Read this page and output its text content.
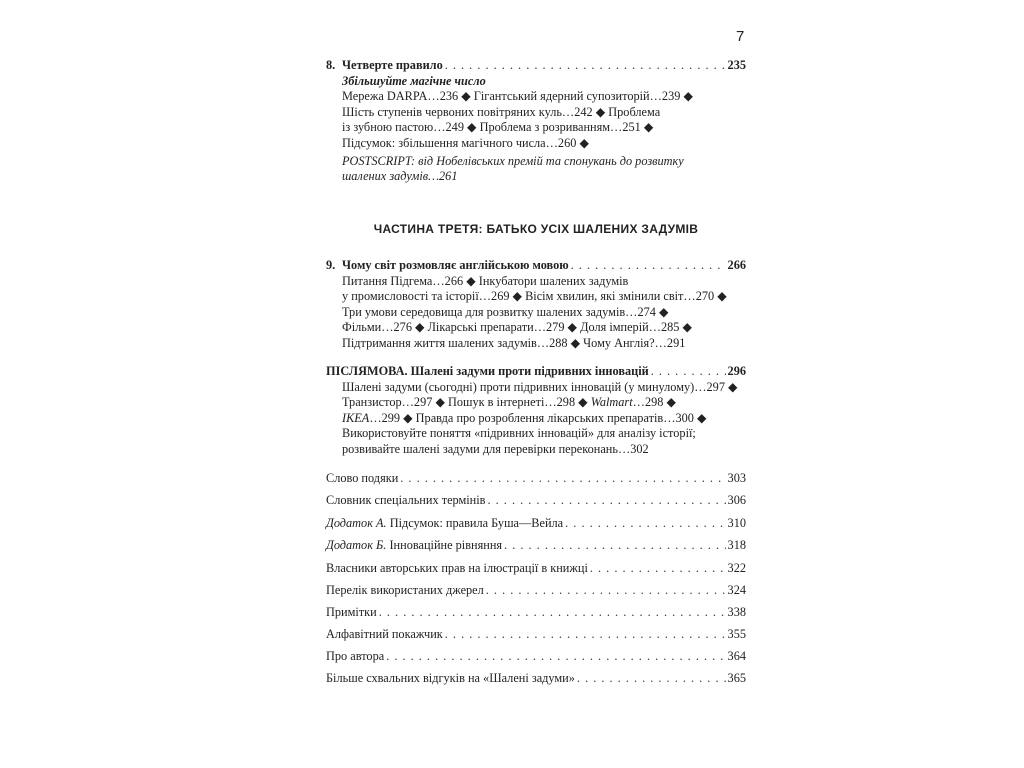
7
8. Четверте правило . . .	235
Збільшуйте магічне число
Мережа DARPA…236 ◆ Гігантський ядерний супозиторій…239 ◆
Шість ступенів червоних повітряних куль…242 ◆ Проблема
із зубною пастою…249 ◆ Проблема з розриванням…251 ◆
Підсумок: збільшення магічного числа…260 ◆
POSTSCRIPT: від Нобелівських премій та спонукань до розвитку
шалених задумів…261
ЧАСТИНА ТРЕТЯ: БАТЬКО УСІХ ШАЛЕНИХ ЗАДУМІВ
9. Чому світ розмовляє англійською мовою . . .	266
Питання Підгема…266 ◆ Інкубатори шалених задумів
у промисловості та історії…269 ◆ Вісім хвилин, які змінили світ…270 ◆
Три умови середовища для розвитку шалених задумів…274 ◆
Фільми…276 ◆ Лікарські препарати…279 ◆ Доля імперій…285 ◆
Підтримання життя шалених задумів…288 ◆ Чому Англія?…291
ПІСЛЯМОВА. Шалені задуми проти підривних інновацій . . .	296
Шалені задуми (сьогодні) проти підривних інновацій (у минулому)…297 ◆
Транзистор…297 ◆ Пошук в інтернеті…298 ◆ Walmart…298 ◆
IKEA…299 ◆ Правда про розроблення лікарських препаратів…300 ◆
Використовуйте поняття «підривних інновацій» для аналізу історії;
розвивайте шалені задуми для перевірки переконань…302
Слово подяки . . .	303
Словник спеціальних термінів . . .	306
Додаток А. Підсумок: правила Буша—Вейла . . .	310
Додаток Б. Інноваційне рівняння . . .	318
Власники авторських прав на ілюстрації в книжці . . .	322
Перелік використаних джерел . . .	324
Примітки . . .	338
Алфавітний покажчик . . .	355
Про автора . . .	364
Більше схвальних відгуків на «Шалені задуми» . . .	365
